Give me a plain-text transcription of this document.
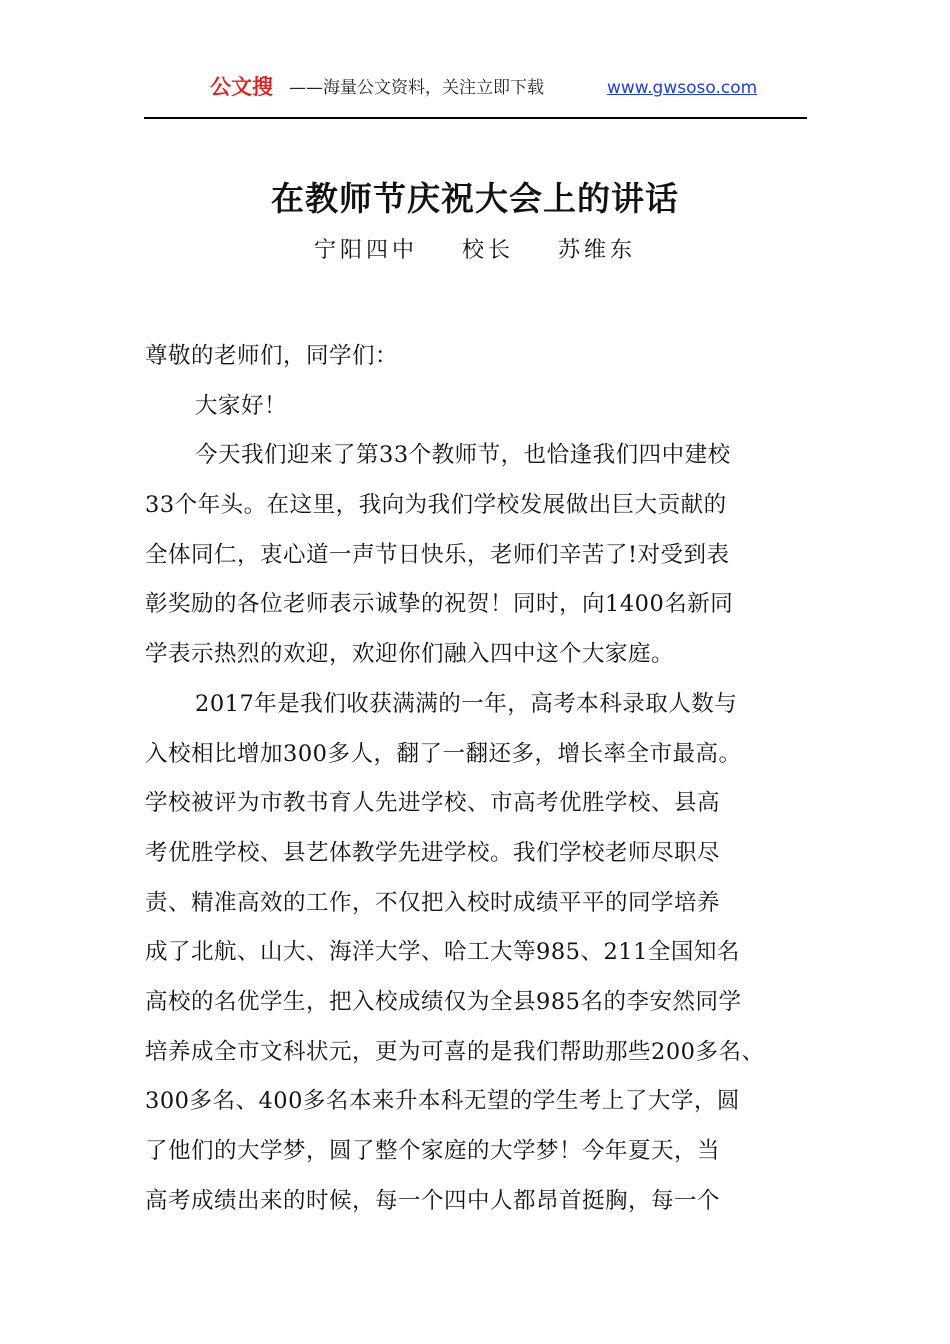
公文搜 ——海量公文资料，关注立即下载	www.gwsoso.com
在教师节庆祝大会上的讲话
宁阳四中    校长    苏维东
尊敬的老师们，同学们：
大家好！
今天我们迎来了第33个教师节，也恰逢我们四中建校
33个年头。在这里，我向为我们学校发展做出巨大贡献的
全体同仁，衷心道一声节日快乐，老师们辛苦了!对受到表
彰奖励的各位老师表示诚挚的祝贺！同时，向1400名新同
学表示热烈的欢迎，欢迎你们融入四中这个大家庭。
2017年是我们收获满满的一年，高考本科录取人数与
入校相比增加300多人，翻了一翻还多，增长率全市最高。
学校被评为市教书育人先进学校、市高考优胜学校、县高
考优胜学校、县艺体教学先进学校。我们学校老师尽职尽
责、精准高效的工作，不仅把入校时成绩平平的同学培养
成了北航、山大、海洋大学、哈工大等985、211全国知名
高校的名优学生，把入校成绩仅为全县985名的李安然同学
培养成全市文科状元，更为可喜的是我们帮助那些200多名、
300多名、400多名本来升本科无望的学生考上了大学，圆
了他们的大学梦，圆了整个家庭的大学梦！今年夏天，当
高考成绩出来的时候，每一个四中人都昂首挺胸，每一个
